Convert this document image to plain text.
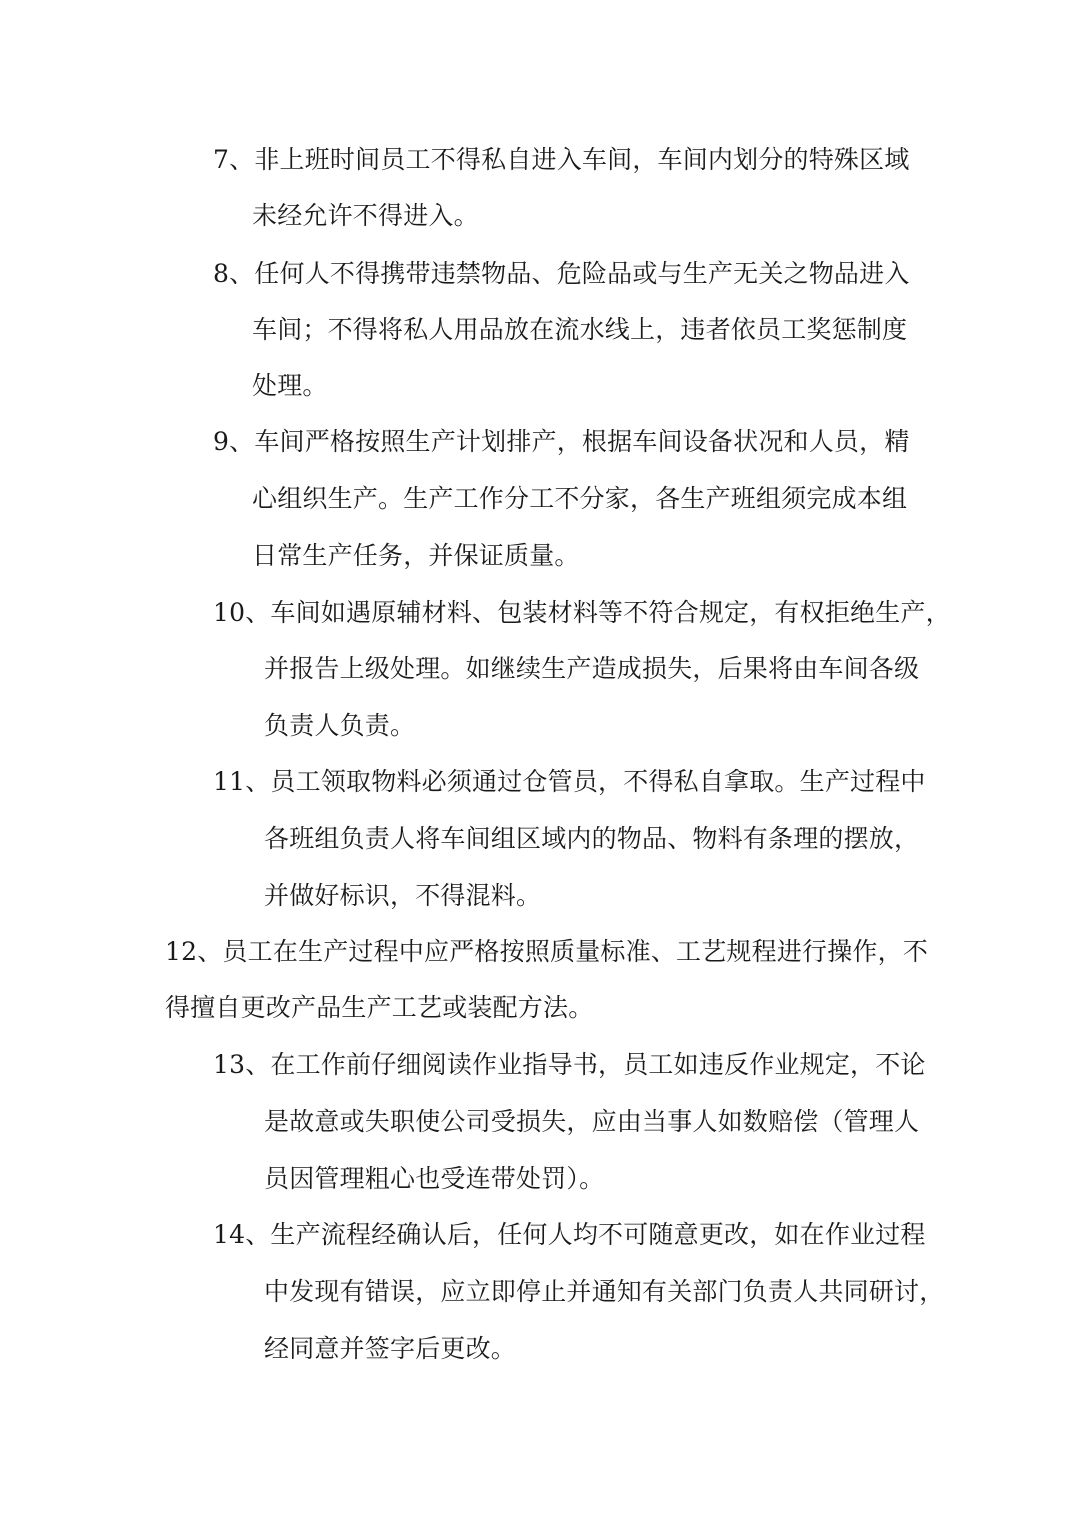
7、非上班时间员工不得私自进入车间，车间内划分的特殊区域
未经允许不得进入。
8、任何人不得携带违禁物品、危险品或与生产无关之物品进入
车间；不得将私人用品放在流水线上，违者依员工奖惩制度
处理。
9、车间严格按照生产计划排产，根据车间设备状况和人员，精
心组织生产。生产工作分工不分家，各生产班组须完成本组
日常生产任务，并保证质量。
10、车间如遇原辅材料、包装材料等不符合规定，有权拒绝生产，
并报告上级处理。如继续生产造成损失，后果将由车间各级
负责人负责。
11、员工领取物料必须通过仓管员，不得私自拿取。生产过程中
各班组负责人将车间组区域内的物品、物料有条理的摆放，
并做好标识，不得混料。
12、员工在生产过程中应严格按照质量标准、工艺规程进行操作，不
得擅自更改产品生产工艺或装配方法。
13、在工作前仔细阅读作业指导书，员工如违反作业规定，不论
是故意或失职使公司受损失，应由当事人如数赔偿（管理人
员因管理粗心也受连带处罚）。
14、生产流程经确认后，任何人均不可随意更改，如在作业过程
中发现有错误，应立即停止并通知有关部门负责人共同研讨，
经同意并签字后更改。
